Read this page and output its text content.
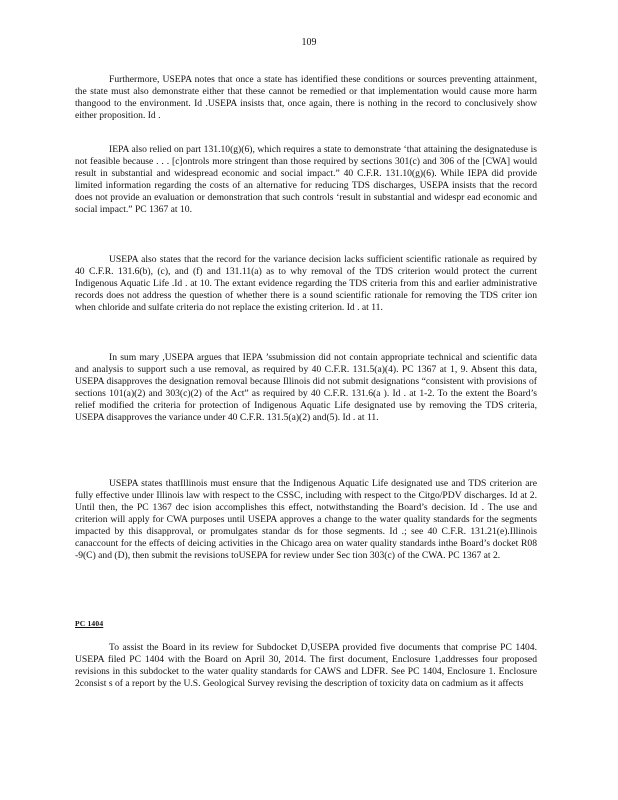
109

Furthermore, USEPA notes that once a state has identified these conditions or sources preventing attainment, the state must also demonstrate either that these cannot be remedied or that implementation would cause more harm thangood to the environment. Id .USEPA insists that, once again, there is nothing in the record to conclusively show either proposition. Id .

IEPA also relied on part 131.10(g)(6), which requires a state to demonstrate ‘that attaining the designateduse is not feasible because . . . [c]ontrols more stringent than those required by sections 301(c) and 306 of the [CWA] would result in substantial and widespread economic and social impact.” 40 C.F.R. 131.10(g)(6). While IEPA did provide limited information regarding the costs of an alternative for reducing TDS discharges, USEPA insists that the record does not provide an evaluation or demonstration that such controls ‘result in substantial and widespr ead economic and social impact.” PC 1367 at 10.

USEPA also states that the record for the variance decision lacks sufficient scientific rationale as required by 40 C.F.R. 131.6(b), (c), and (f) and 131.11(a) as to why removal of the TDS criterion would protect the current Indigenous Aquatic Life .Id . at 10. The extant evidence regarding the TDS criteria from this and earlier administrative records does not address the question of whether there is a sound scientific rationale for removing the TDS criter ion when chloride and sulfate criteria do not replace the existing criterion. Id . at 11.

In sum mary ,USEPA argues that IEPA ’ssubmission did not contain appropriate technical and scientific data and analysis to support such a use removal, as required by 40 C.F.R. 131.5(a)(4). PC 1367 at 1, 9. Absent this data, USEPA disapproves the designation removal because Illinois did not submit designations “consistent with provisions of sections 101(a)(2) and 303(c)(2) of the Act” as required by 40 C.F.R. 131.6(a ). Id . at 1-2. To the extent the Board’s relief modified the criteria for protection of Indigenous Aquatic Life designated use by removing the TDS criteria, USEPA disapproves the variance under 40 C.F.R. 131.5(a)(2) and(5). Id . at 11.

USEPA states thatIllinois must ensure that the Indigenous Aquatic Life designated use and TDS criterion are fully effective under Illinois law with respect to the CSSC, including with respect to the Citgo/PDV discharges. Id at 2. Until then, the PC 1367 dec ision accomplishes this effect, notwithstanding the Board’s decision. Id . The use and criterion will apply for CWA purposes until USEPA approves a change to the water quality standards for the segments impacted by this disapproval, or promulgates standar ds for those segments. Id .; see 40 C.F.R. 131.21(e).Illinois canaccount for the effects of deicing activities in the Chicago area on water quality standards inthe Board’s docket R08 -9(C) and (D), then submit the revisions toUSEPA for review under Sec tion 303(c) of the CWA. PC 1367 at 2.

PC 1404

To assist the Board in its review for Subdocket D,USEPA provided five documents that comprise PC 1404. USEPA filed PC 1404 with the Board on April 30, 2014. The first document, Enclosure 1,addresses four proposed revisions in this subdocket to the water quality standards for CAWS and LDFR. See PC 1404, Enclosure 1. Enclosure 2consist s of a report by the U.S. Geological Survey revising the description of toxicity data on cadmium as it affects
